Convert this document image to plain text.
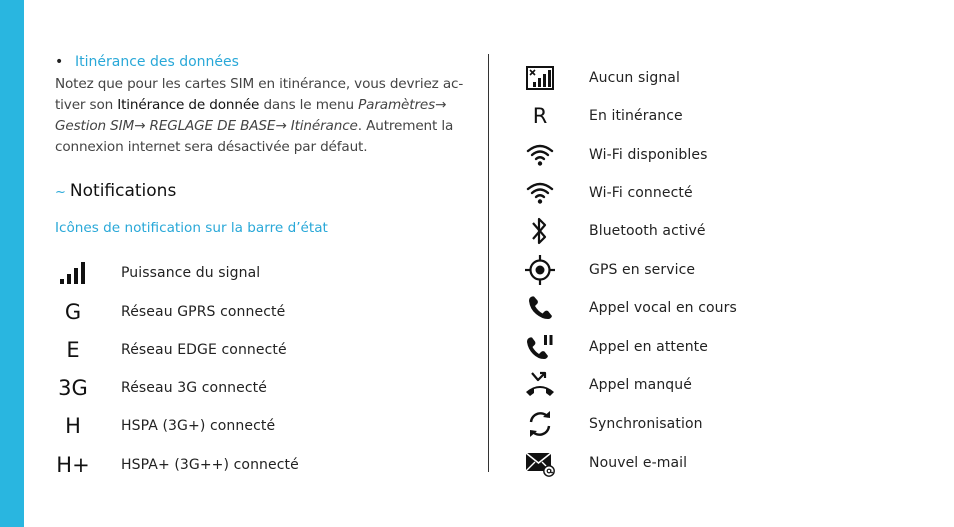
• Itinérance des données
Notez que pour les cartes SIM en itinérance, vous devriez ac-tiver son Itinérance de donnée dans le menu Paramètres→ Gestion SIM→ REGLAGE DE BASE→ Itinérance. Autrement la connexion internet sera désactivée par défaut.
~ Notifications
Icônes de notification sur la barre d’état
Puissance du signal
G	Réseau GPRS connecté
E	Réseau EDGE connecté
3G Réseau 3G connecté
H	HSPA (3G+) connecté
H+ HSPA+ (3G++) connecté
Aucun signal
R	En itinérance
Wi-Fi disponibles
Wi-Fi connecté
Bluetooth activé
GPS en service
Appel vocal en cours
Appel en attente
Appel manqué
Synchronisation
Nouvel e-mail
